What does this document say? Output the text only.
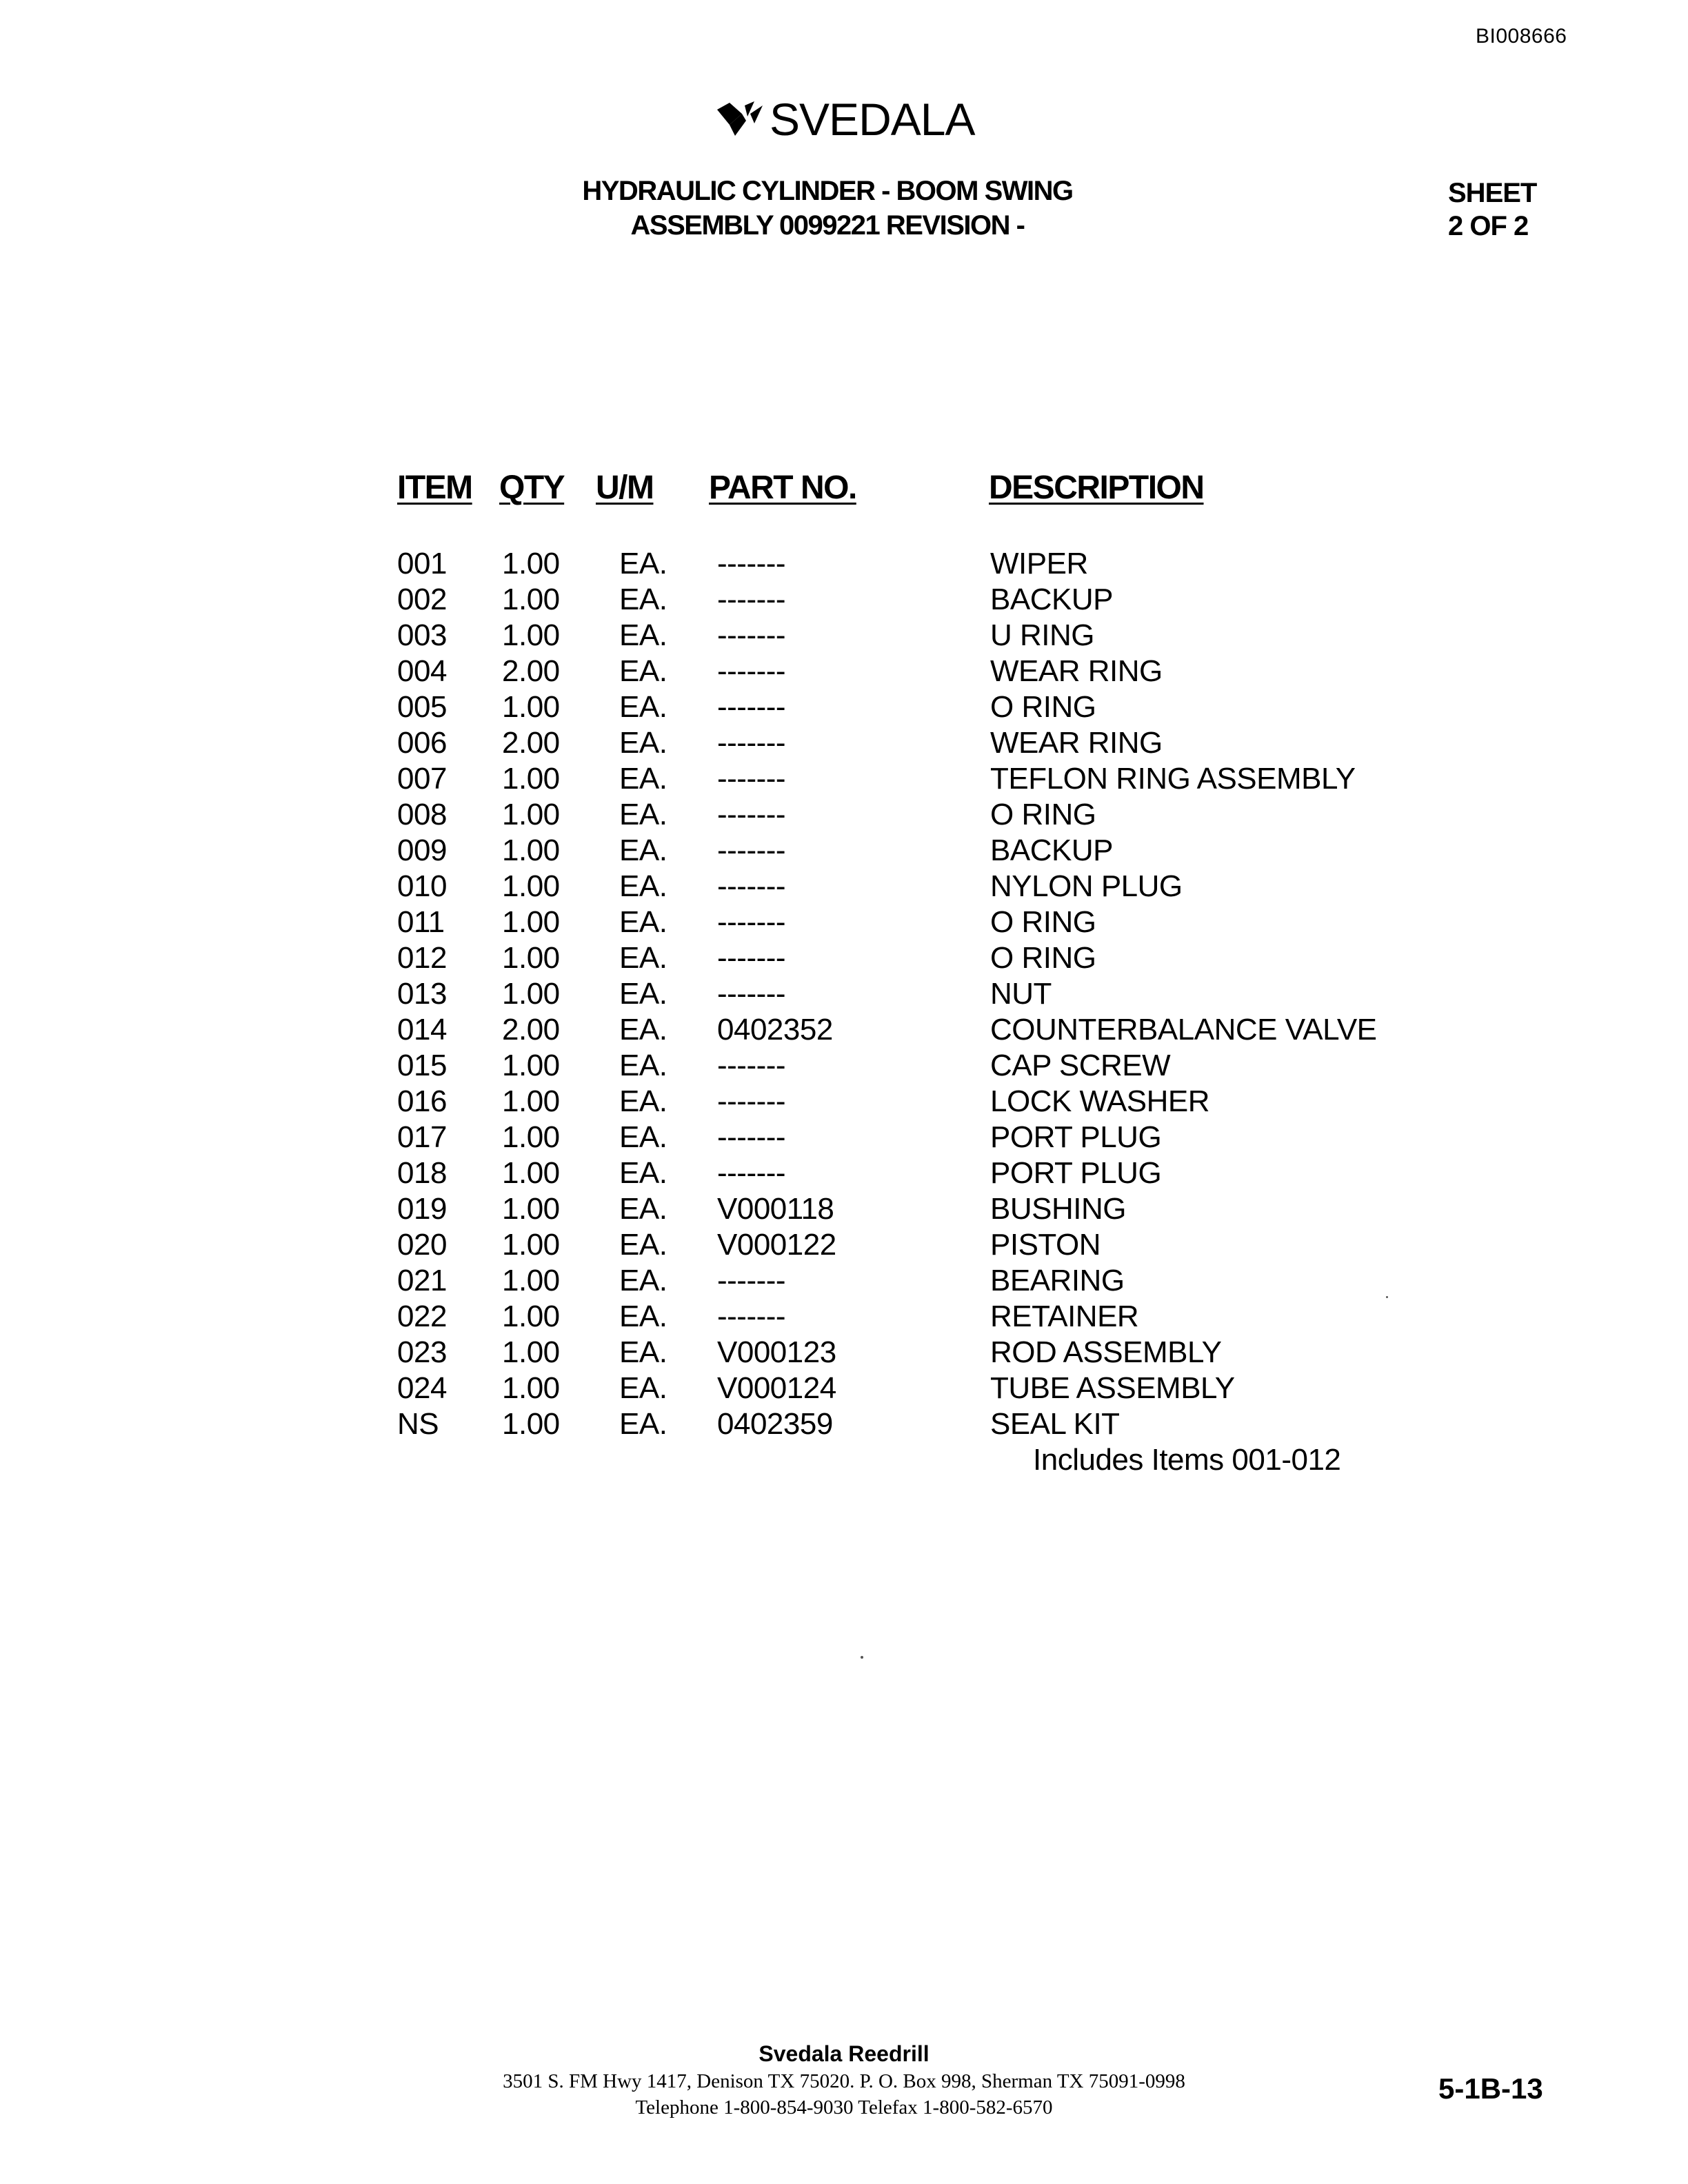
BI008666
SVEDALA
HYDRAULIC CYLINDER - BOOM SWING
ASSEMBLY 0099221 REVISION -
SHEET
2 OF 2
ITEM QTY U/M PART NO.	DESCRIPTION
001 1.00 EA. -------	WIPER
002 1.00 EA. -------	BACKUP
003 1.00 EA. -------	U RING
004 2.00 EA. -------	WEAR RING
005 1.00 EA. -------	O RING
006 2.00 EA. -------	WEAR RING
007 1.00 EA. -------	TEFLON RING ASSEMBLY
008 1.00 EA. -------	O RING
009 1.00 EA. -------	BACKUP
010 1.00 EA. -------	NYLON PLUG
011 1.00 EA. -------	O RING
012 1.00 EA. -------	O RING
013 1.00 EA. -------	NUT
014 2.00 EA. 0402352	COUNTERBALANCE VALVE
015 1.00 EA. -------	CAP SCREW
016 1.00 EA. -------	LOCK WASHER
017 1.00 EA. -------	PORT PLUG
018 1.00 EA. -------	PORT PLUG
019 1.00 EA. V000118	BUSHING
020 1.00 EA. V000122	PISTON
021 1.00 EA. -------	BEARING
022 1.00 EA. -------	RETAINER
023 1.00 EA. V000123	ROD ASSEMBLY
024 1.00 EA. V000124	TUBE ASSEMBLY
NS 1.00 EA. 0402359	SEAL KIT
Includes Items 001-012
Svedala Reedrill
3501 S. FM Hwy 1417, Denison TX 75020. P. O. Box 998, Sherman TX 75091-0998
Telephone 1-800-854-9030 Telefax 1-800-582-6570
5-1B-13
